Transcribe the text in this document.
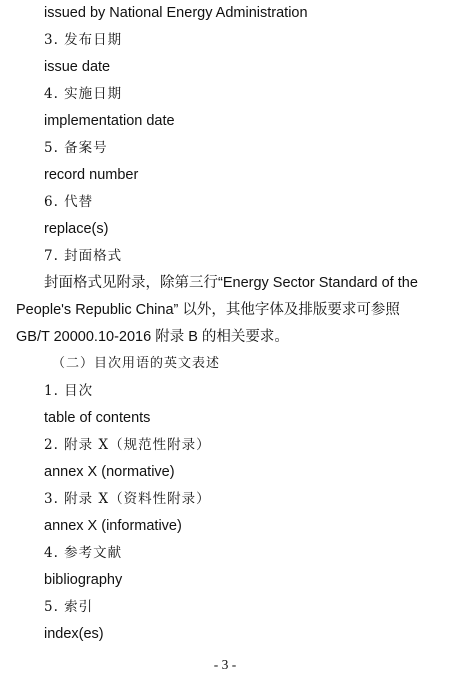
issued by National Energy Administration
3. 发布日期
issue date
4. 实施日期
implementation date
5. 备案号
record number
6. 代替
replace(s)
7. 封面格式
封面格式见附录，除第三行“Energy Sector Standard of the
People's Republic China” 以外，其他字体及排版要求可参照
GB/T 20000.10-2016 附录 B 的相关要求。
（二）目次用语的英文表述
1. 目次
table of contents
2. 附录 X（规范性附录）
annex X (normative)
3. 附录 X（资料性附录）
annex X (informative)
4. 参考文献
bibliography
5. 索引
index(es)
- 3 -
